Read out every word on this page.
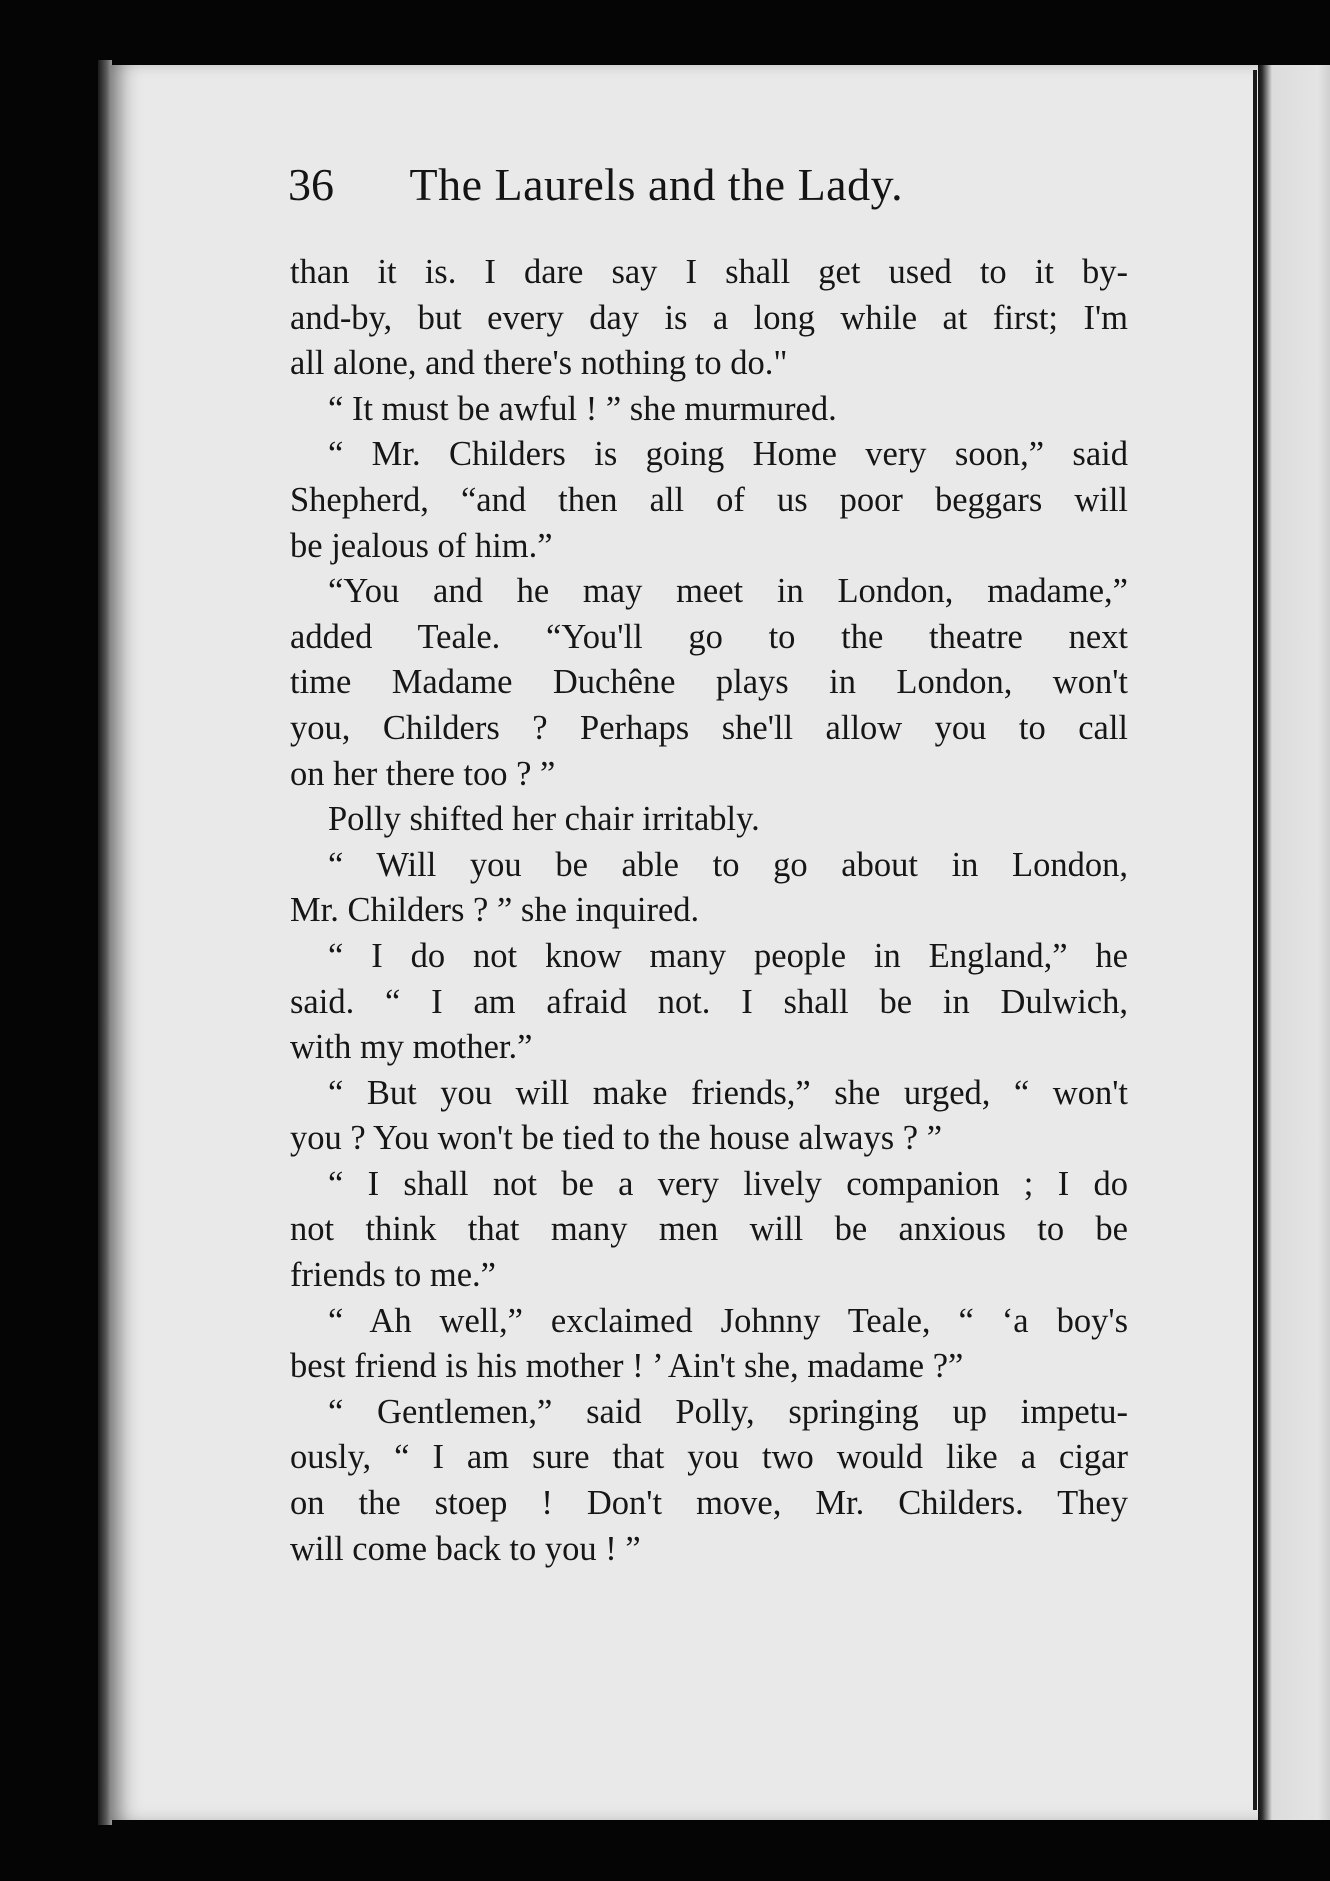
36 The Laurels and the Lady.
than it is. I dare say I shall get used to it by-
and-by, but every day is a long while at first; I'm
all alone, and there's nothing to do."
“ It must be awful ! ” she murmured.
“ Mr. Childers is going Home very soon,” said
Shepherd, “and then all of us poor beggars will
be jealous of him.”
“You and he may meet in London, madame,”
added Teale. “You'll go to the theatre next
time Madame Duchêne plays in London, won't
you, Childers ? Perhaps she'll allow you to call
on her there too ? ”
Polly shifted her chair irritably.
“ Will you be able to go about in London,
Mr. Childers ? ” she inquired.
“ I do not know many people in England,” he
said. “ I am afraid not. I shall be in Dulwich,
with my mother.”
“ But you will make friends,” she urged, “ won't
you ? You won't be tied to the house always ? ”
“ I shall not be a very lively companion ; I do
not think that many men will be anxious to be
friends to me.”
“ Ah well,” exclaimed Johnny Teale, “ ‘a boy's
best friend is his mother ! ’ Ain't she, madame ?”
“ Gentlemen,” said Polly, springing up impetu-
ously, “ I am sure that you two would like a cigar
on the stoep ! Don't move, Mr. Childers. They
will come back to you ! ”
